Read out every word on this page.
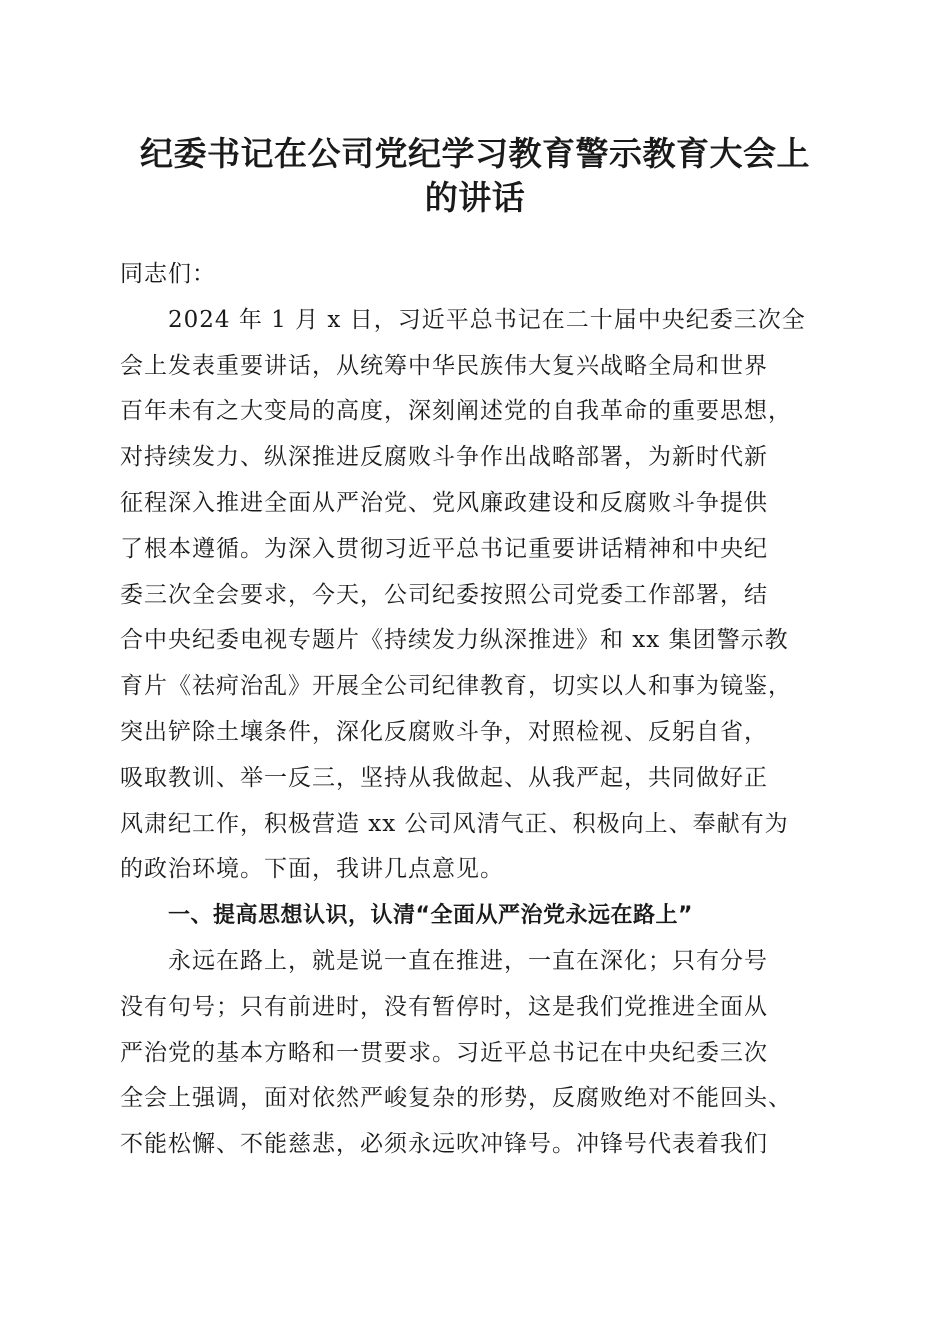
纪委书记在公司党纪学习教育警示教育大会上
的讲话
同志们：
2024 年 1 月 x 日，习近平总书记在二十届中央纪委三次全
会上发表重要讲话，从统筹中华民族伟大复兴战略全局和世界
百年未有之大变局的高度，深刻阐述党的自我革命的重要思想，
对持续发力、纵深推进反腐败斗争作出战略部署，为新时代新
征程深入推进全面从严治党、党风廉政建设和反腐败斗争提供
了根本遵循。为深入贯彻习近平总书记重要讲话精神和中央纪
委三次全会要求，今天，公司纪委按照公司党委工作部署，结
合中央纪委电视专题片《持续发力纵深推进》和 xx 集团警示教
育片《祛疴治乱》开展全公司纪律教育，切实以人和事为镜鉴，
突出铲除土壤条件，深化反腐败斗争，对照检视、反躬自省，
吸取教训、举一反三，坚持从我做起、从我严起，共同做好正
风肃纪工作，积极营造 xx 公司风清气正、积极向上、奉献有为
的政治环境。下面，我讲几点意见。
一、提高思想认识，认清“全面从严治党永远在路上”
永远在路上，就是说一直在推进，一直在深化；只有分号
没有句号；只有前进时，没有暂停时，这是我们党推进全面从
严治党的基本方略和一贯要求。习近平总书记在中央纪委三次
全会上强调，面对依然严峻复杂的形势，反腐败绝对不能回头、
不能松懈、不能慈悲，必须永远吹冲锋号。冲锋号代表着我们
